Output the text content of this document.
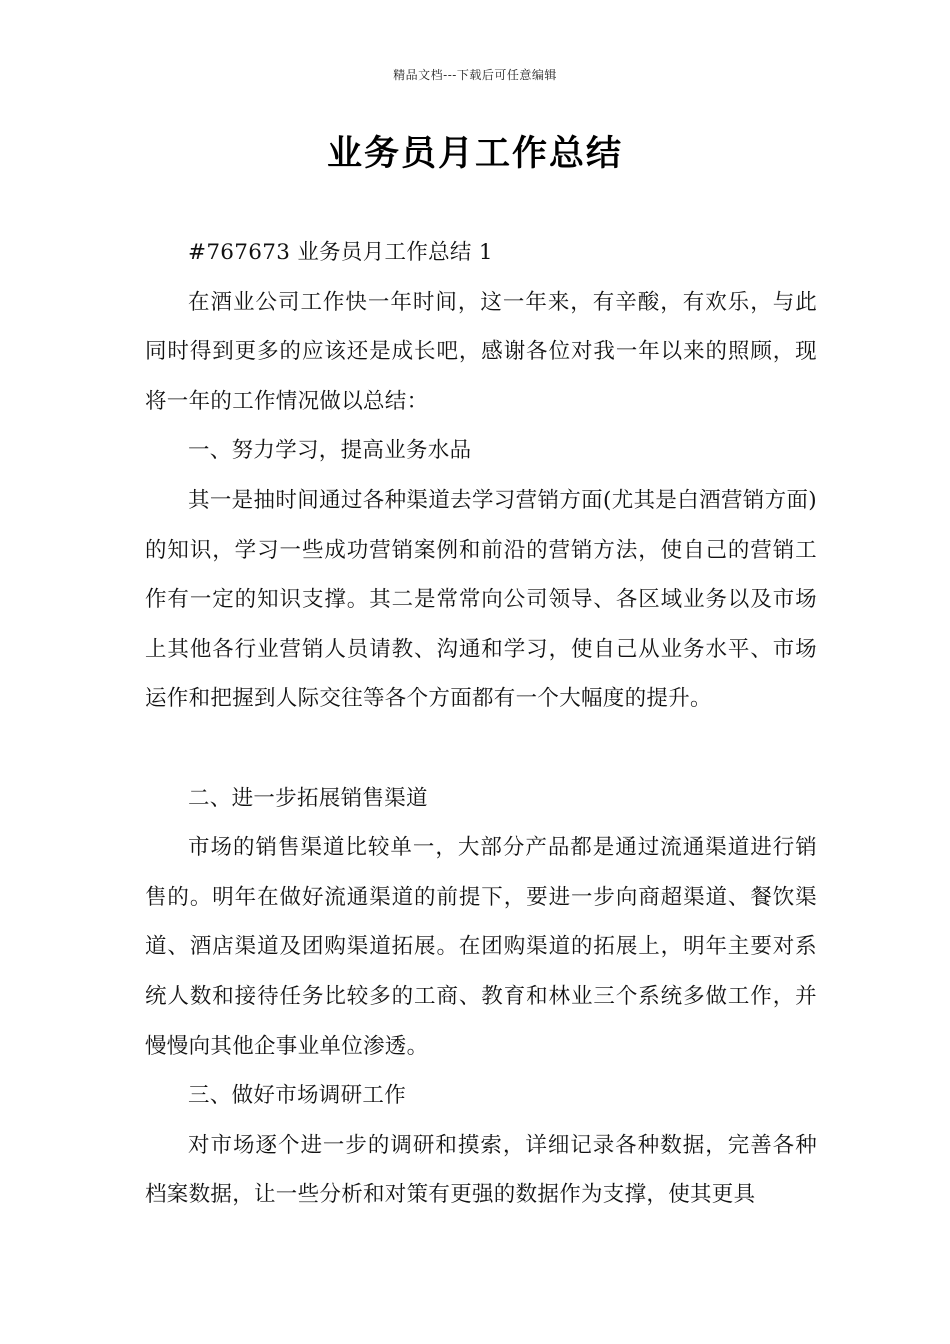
精品文档---下载后可任意编辑
业务员月工作总结

#767673 业务员月工作总结 1

在酒业公司工作快一年时间，这一年来，有辛酸，有欢乐，与此同时得到更多的应该还是成长吧，感谢各位对我一年以来的照顾，现将一年的工作情况做以总结：

一、努力学习，提高业务水品

其一是抽时间通过各种渠道去学习营销方面(尤其是白酒营销方面)的知识，学习一些成功营销案例和前沿的营销方法，使自己的营销工作有一定的知识支撑。其二是常常向公司领导、各区域业务以及市场上其他各行业营销人员请教、沟通和学习，使自己从业务水平、市场运作和把握到人际交往等各个方面都有一个大幅度的提升。

二、进一步拓展销售渠道

市场的销售渠道比较单一，大部分产品都是通过流通渠道进行销售的。明年在做好流通渠道的前提下，要进一步向商超渠道、餐饮渠道、酒店渠道及团购渠道拓展。在团购渠道的拓展上，明年主要对系统人数和接待任务比较多的工商、教育和林业三个系统多做工作，并慢慢向其他企事业单位渗透。

三、做好市场调研工作

对市场逐个进一步的调研和摸索，详细记录各种数据，完善各种档案数据，让一些分析和对策有更强的数据作为支撑，使其更具
